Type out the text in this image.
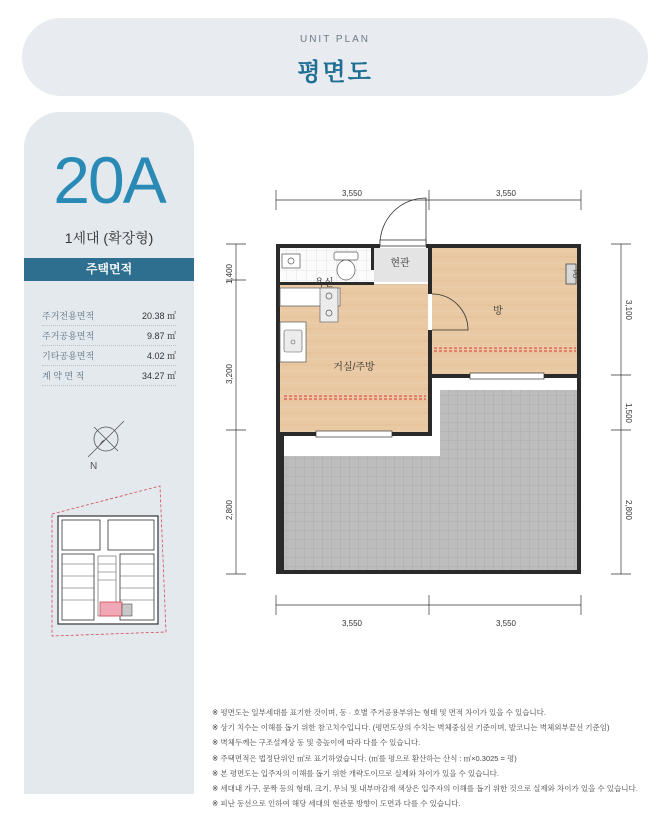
UNIT PLAN
평면도
20A
1세대 (확장형)
주택면적
주거전용면적	20.38 ㎡
주거공용면적	9.87 ㎡
기타공용면적	4.02 ㎡
계 약 면 적	34.27 ㎡
N
3,550	3,550
3,550	3,550
1,400
3,200
2,800
3,100
1,500
2,800
PD
욕실
현관
방
거실/주방
※ 평면도는 일부세대를 표기한 것이며, 동 · 호별 주거공용부위는 형태 및 면적 차이가 있을 수 있습니다.
※ 상기 치수는 이해를 돕기 위한 참고치수입니다. (평면도상의 수치는 벽체중심선 기준이며, 발코니는 벽체외부끝선 기준임)
※ 벽체두께는 구조설계상 동 및 층높이에 따라 다를 수 있습니다.
※ 주택면적은 법정단위인 ㎡로 표기하였습니다. (㎡를 평으로 환산하는 산식 : ㎡×0.3025 = 평)
※ 본 평면도는 입주자의 이해를 돕기 위한 개략도이므로 실제와 차이가 있을 수 있습니다.
※ 세대내 가구, 문짝 등의 형태, 크기, 무늬 및 내부마감재 색상은 입주자의 이해를 돕기 위한 것으로 실제와 차이가 있을 수 있습니다.
※ 피난 동선으로 인하여 해당 세대의 현관문 방향이 도면과 다를 수 있습니다.
